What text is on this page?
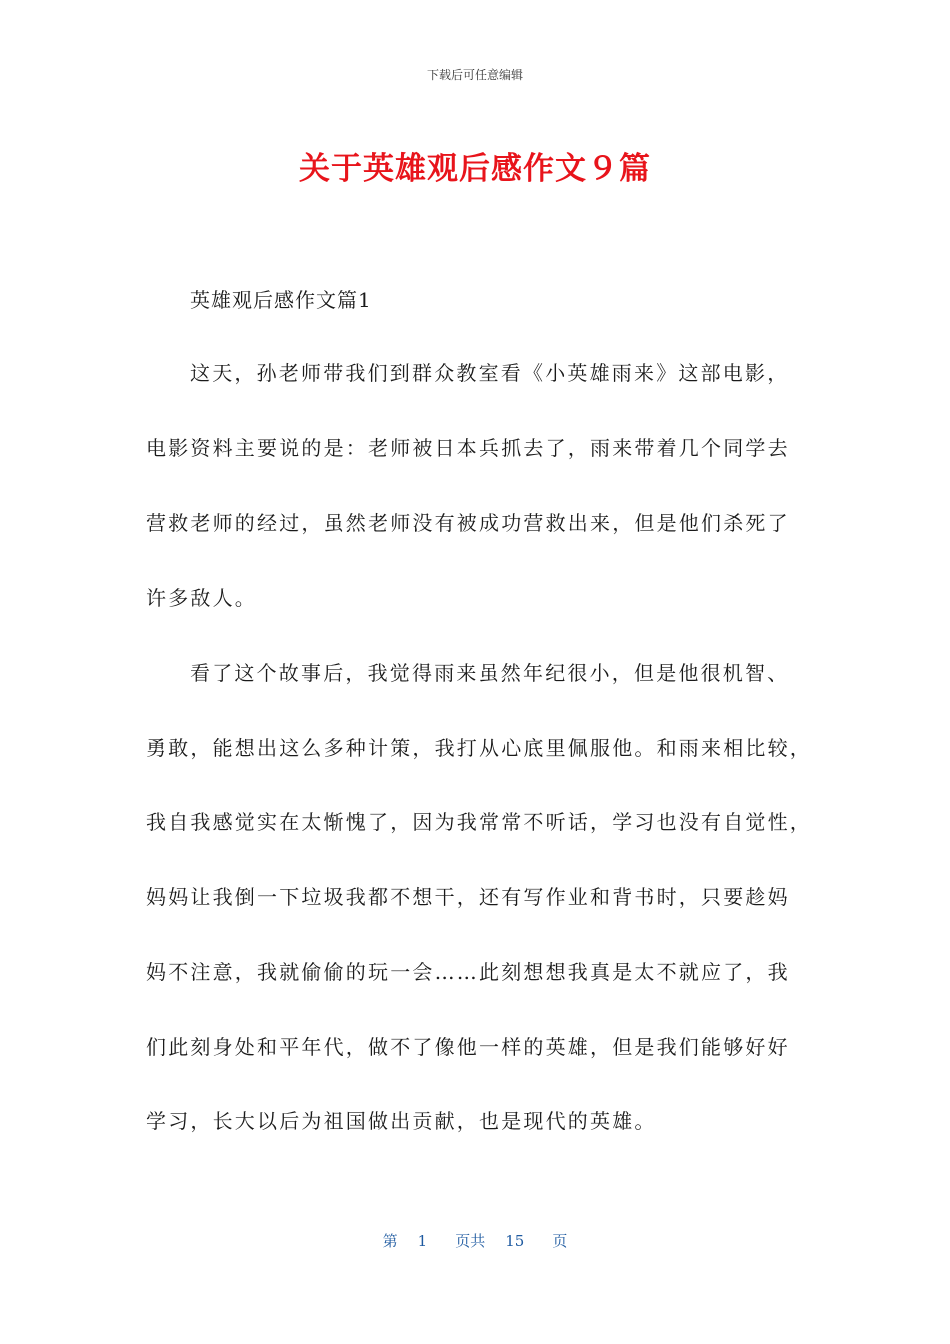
下载后可任意编辑
关于英雄观后感作文９篇
英雄观后感作文篇1
这天，孙老师带我们到群众教室看《小英雄雨来》这部电影，
电影资料主要说的是：老师被日本兵抓去了，雨来带着几个同学去
营救老师的经过，虽然老师没有被成功营救出来，但是他们杀死了
许多敌人。
看了这个故事后，我觉得雨来虽然年纪很小，但是他很机智、
勇敢，能想出这么多种计策，我打从心底里佩服他。和雨来相比较，
我自我感觉实在太惭愧了，因为我常常不听话，学习也没有自觉性，
妈妈让我倒一下垃圾我都不想干，还有写作业和背书时，只要趁妈
妈不注意，我就偷偷的玩一会……此刻想想我真是太不就应了，我
们此刻身处和平年代，做不了像他一样的英雄，但是我们能够好好
学习，长大以后为祖国做出贡献，也是现代的英雄。
第 1 页共 15 页
